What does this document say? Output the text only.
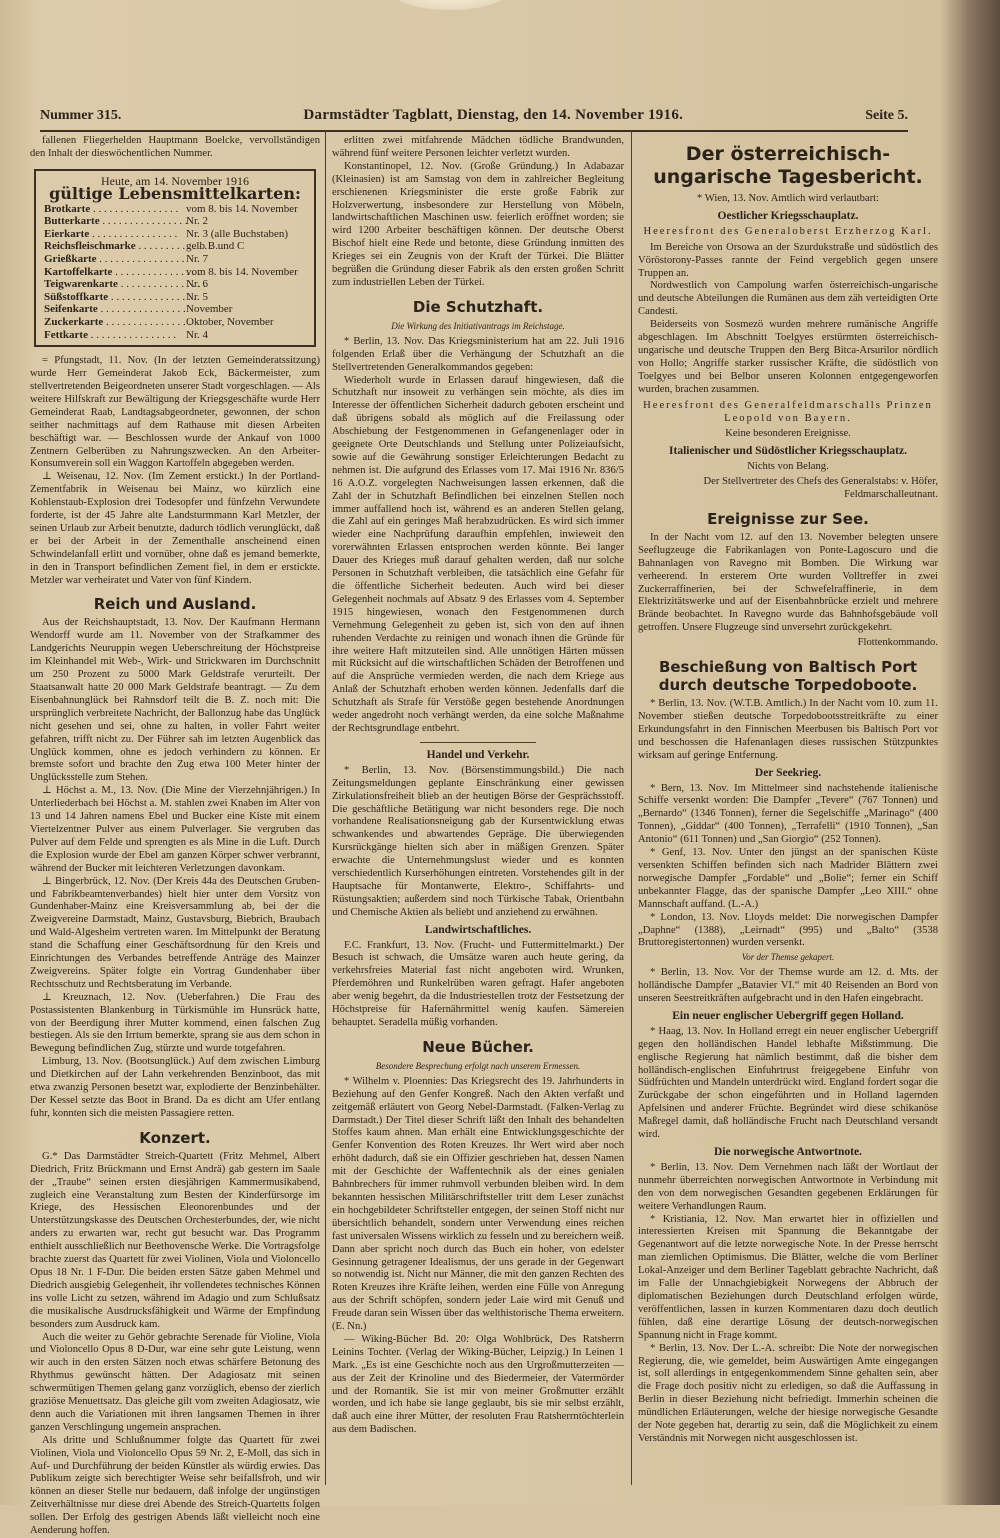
Nummer 315.	Darmstädter Tagblatt, Dienstag, den 14. November 1916.	Seite 5.

fallenen Fliegerhelden Hauptmann Boelcke, vervollständigen den Inhalt der dieswöchentlichen Nummer.

Heute, am 14. November 1916
gültige Lebensmittelkarten:
Brotkarte . . .	vom 8. bis 14. November
Butterkarte . . .	Nr. 2
Eierkarte . . .	Nr. 3 (alle Buchstaben)
Reichsfleischmarke . . .	gelb B und C
Grießkarte . . .	Nr. 7
Kartoffelkarte . . .	vom 8. bis 14. November
Teigwarenkarte . . .	Nr. 6
Süßstoffkarte . . .	Nr. 5
Seifenkarte . . .	November
Zuckerkarte . . .	Oktober, November
Fettkarte . . .	Nr. 4

= Pfungstadt, 11. Nov. (In der letzten Gemeinderatssitzung) wurde Herr Gemeinderat Jakob Eck, Bäckermeister, zum stellvertretenden Beigeordneten unserer Stadt vorgeschlagen. — Als weitere Hilfskraft zur Bewältigung der Kriegsgeschäfte wurde Herr Gemeinderat Raab, Landtagsabgeordneter, gewonnen, der schon seither nachmittags auf dem Rathause mit diesen Arbeiten beschäftigt war. — Beschlossen wurde der Ankauf von 1000 Zentnern Gelberüben zu Nahrungszwecken. An den Arbeiter-Konsumverein soll ein Waggon Kartoffeln abgegeben werden.

⊥ Weisenau, 12. Nov. (Im Zement erstickt.) In der Portland-Zementfabrik in Weisenau bei Mainz, wo kürzlich eine Kohlenstaub-Explosion drei Todesopfer und fünfzehn Verwundete forderte, ist der 45 Jahre alte Landsturmmann Karl Metzler, der seinen Urlaub zur Arbeit benutzte, dadurch tödlich verunglückt, daß er bei der Arbeit in der Zementhalle anscheinend einen Schwindelanfall erlitt und vornüber, ohne daß es jemand bemerkte, in den in Transport befindlichen Zement fiel, in dem er erstickte. Metzler war verheiratet und Vater von fünf Kindern.

Reich und Ausland.

Aus der Reichshauptstadt, 13. Nov. Der Kaufmann Hermann Wendorff wurde am 11. November von der Strafkammer des Landgerichts Neuruppin wegen Ueberschreitung der Höchstpreise im Kleinhandel mit Web-, Wirk- und Strickwaren im Durchschnitt um 250 Prozent zu 5000 Mark Geldstrafe verurteilt. Der Staatsanwalt hatte 20 000 Mark Geldstrafe beantragt. — Zu dem Eisenbahnunglück bei Rahnsdorf teilt die B. Z. noch mit: Die ursprünglich verbreitete Nachricht, der Ballonzug habe das Unglück nicht gesehen und sei, ohne zu halten, in voller Fahrt weiter gefahren, trifft nicht zu. Der Führer sah im letzten Augenblick das Unglück kommen, ohne es jedoch verhindern zu können. Er bremste sofort und brachte den Zug etwa 100 Meter hinter der Unglücksstelle zum Stehen.

⊥ Höchst a. M., 13. Nov. (Die Mine der Vierzehnjährigen.) In Unterliederbach bei Höchst a. M. stahlen zwei Knaben im Alter von 13 und 14 Jahren namens Ebel und Bucker eine Kiste mit einem Viertelzentner Pulver aus einem Pulverlager. Sie vergruben das Pulver auf dem Felde und sprengten es als Mine in die Luft. Durch die Explosion wurde der Ebel am ganzen Körper schwer verbrannt, während der Bucker mit leichteren Verletzungen davonkam.

⊥ Bingerbrück, 12. Nov. (Der Kreis 44a des Deutschen Gruben- und Fabrikbeamtenverbandes) hielt hier unter dem Vorsitz von Gundenhaber-Mainz eine Kreisversammlung ab, bei der die Zweigvereine Darmstadt, Mainz, Gustavsburg, Biebrich, Braubach und Wald-Algesheim vertreten waren. Im Mittelpunkt der Beratung stand die Schaffung einer Geschäftsordnung für den Kreis und Einrichtungen des Verbandes betreffende Anträge des Mainzer Zweigvereins. Später folgte ein Vortrag Gundenhaber über Rechtsschutz und Rechtsberatung im Verbande.

⊥ Kreuznach, 12. Nov. (Ueberfahren.) Die Frau des Postassistenten Blankenburg in Türkismühle im Hunsrück hatte, von der Beerdigung ihrer Mutter kommend, einen falschen Zug bestiegen. Als sie den Irrtum bemerkte, sprang sie aus dem schon in Bewegung befindlichen Zug, stürzte und wurde totgefahren.

Limburg, 13. Nov. (Bootsunglück.) Auf dem zwischen Limburg und Dietkirchen auf der Lahn verkehrenden Benzinboot, das mit etwa zwanzig Personen besetzt war, explodierte der Benzinbehälter. Der Kessel setzte das Boot in Brand. Da es dicht am Ufer entlang fuhr, konnten sich die meisten Passagiere retten.

Konzert.

G.* Das Darmstädter Streich-Quartett (Fritz Mehmel, Albert Diedrich, Fritz Brückmann und Ernst Andrä) gab gestern im Saale der „Traube“ seinen ersten diesjährigen Kammermusikabend, zugleich eine Veranstaltung zum Besten der Kinderfürsorge im Kriege, des Hessischen Eleonorenbundes und der Unterstützungskasse des Deutschen Orchesterbundes, der, wie nicht anders zu erwarten war, recht gut besucht war. Das Programm enthielt ausschließlich nur Beethovensche Werke. Die Vortragsfolge brachte zuerst das Quartett für zwei Violinen, Viola und Violoncello Opus 18 Nr. 1 F-Dur. Die beiden ersten Sätze gaben Mehmel und Diedrich ausgiebig Gelegenheit, ihr vollendetes technisches Können ins volle Licht zu setzen, während im Adagio und zum Schlußsatz die musikalische Ausdrucksfähigkeit und Wärme der Empfindung besonders zum Ausdruck kam.

Auch die weiter zu Gehör gebrachte Serenade für Violine, Viola und Violoncello Opus 8 D-Dur, war eine sehr gute Leistung, wenn wir auch in den ersten Sätzen noch etwas schärfere Betonung des Rhythmus gewünscht hätten. Der Adagiosatz mit seinen schwermütigen Themen gelang ganz vorzüglich, ebenso der zierlich graziöse Menuettsatz. Das gleiche gilt vom zweiten Adagiosatz, wie denn auch die Variationen mit ihren langsamen Themen in ihrer ganzen Verschlingung ungemein ansprachen.

Als dritte und Schlußnummer folgte das Quartett für zwei Violinen, Viola und Violoncello Opus 59 Nr. 2, E-Moll, das sich in Auf- und Durchführung der beiden Künstler als würdig erwies. Das Publikum zeigte sich berechtigter Weise sehr beifallsfroh, und wir können an dieser Stelle nur bedauern, daß infolge der ungünstigen Zeitverhältnisse nur diese drei Abende des Streich-Quartetts folgen sollen. Der Erfolg des gestrigen Abends läßt vielleicht noch eine Aenderung hoffen.

erlitten zwei mitfahrende Mädchen tödliche Brandwunden, während fünf weitere Personen leichter verletzt wurden.

Konstantinopel, 12. Nov. (Große Gründung.) In Adabazar (Kleinasien) ist am Samstag von dem in zahlreicher Begleitung erschienenen Kriegsminister die erste große Fabrik zur Holzverwertung, insbesondere zur Herstellung von Möbeln, landwirtschaftlichen Maschinen usw. feierlich eröffnet worden; sie wird 1200 Arbeiter beschäftigen können. Der deutsche Oberst Bischof hielt eine Rede und betonte, diese Gründung inmitten des Krieges sei ein Zeugnis von der Kraft der Türkei. Die Blätter begrüßen die Gründung dieser Fabrik als den ersten großen Schritt zum industriellen Leben der Türkei.

Die Schutzhaft.
Die Wirkung des Initiativantrags im Reichstage.

* Berlin, 13. Nov. Das Kriegsministerium hat am 22. Juli 1916 folgenden Erlaß über die Verhängung der Schutzhaft an die Stellvertretenden Generalkommandos gegeben:

Wiederholt wurde in Erlassen darauf hingewiesen, daß die Schutzhaft nur insoweit zu verhängen sein möchte, als dies im Interesse der öffentlichen Sicherheit dadurch geboten erscheint und daß übrigens sobald als möglich auf die Freilassung oder Abschiebung der Festgenommenen in Gefangenenlager oder in geeignete Orte Deutschlands und Stellung unter Polizeiaufsicht, sowie auf die Gewährung sonstiger Erleichterungen Bedacht zu nehmen ist. Die aufgrund des Erlasses vom 17. Mai 1916 Nr. 836/5 16 A.O.Z. vorgelegten Nachweisungen lassen erkennen, daß die Zahl der in Schutzhaft Befindlichen bei einzelnen Stellen noch immer auffallend hoch ist, während es an anderen Stellen gelang, die Zahl auf ein geringes Maß herabzudrücken. Es wird sich immer wieder eine Nachprüfung daraufhin empfehlen, inwieweit den vorerwähnten Erlassen entsprochen werden könnte. Bei langer Dauer des Krieges muß darauf gehalten werden, daß nur solche Personen in Schutzhaft verbleiben, die tatsächlich eine Gefahr für die öffentliche Sicherheit bedeuten. Auch wird bei dieser Gelegenheit nochmals auf Absatz 9 des Erlasses vom 4. September 1915 hingewiesen, wonach den Festgenommenen durch Vernehmung Gelegenheit zu geben ist, sich von den auf ihnen ruhenden Verdachte zu reinigen und wonach ihnen die Gründe für ihre weitere Haft mitzuteilen sind. Alle unnötigen Härten müssen mit Rücksicht auf die wirtschaftlichen Schäden der Betroffenen und auf die Ansprüche vermieden werden, die nach dem Kriege aus Anlaß der Schutzhaft erhoben werden können. Jedenfalls darf die Schutzhaft als Strafe für Verstöße gegen bestehende Anordnungen weder angedroht noch verhängt werden, da eine solche Maßnahme der Rechtsgrundlage entbehrt.

Handel und Verkehr.

* Berlin, 13. Nov. (Börsenstimmungsbild.) Die nach Zeitungsmeldungen geplante Einschränkung einer gewissen Zirkulationsfreiheit blieb an der heutigen Börse der Gesprächsstoff. Die geschäftliche Betätigung war nicht besonders rege. Die noch vorhandene Realisationsneigung gab der Kursentwicklung etwas schwankendes und abwartendes Gepräge. Die überwiegenden Kursrückgänge hielten sich aber in mäßigen Grenzen. Später erwachte die Unternehmungslust wieder und es konnten verschiedentlich Kurserhöhungen eintreten. Vorstehendes gilt in der Hauptsache für Montanwerte, Elektro-, Schiffahrts- und Rüstungsaktien; außerdem sind noch Türkische Tabak, Orientbahn und Chemische Aktien als beliebt und anziehend zu erwähnen.

Landwirtschaftliches.

F.C. Frankfurt, 13. Nov. (Frucht- und Futtermittelmarkt.) Der Besuch ist schwach, die Umsätze waren auch heute gering, da verkehrsfreies Material fast nicht angeboten wird. Wrunken, Pferdemöhren und Runkelrüben waren gefragt. Hafer angeboten aber wenig begehrt, da die Industriestellen trotz der Festsetzung der Höchstpreise für Hafernährmittel wenig kaufen. Sämereien behauptet. Seradella müßig vorhanden.

Neue Bücher.
Besondere Besprechung erfolgt nach unserem Ermessen.

* Wilhelm v. Ploennies: Das Kriegsrecht des 19. Jahrhunderts in Beziehung auf den Genfer Kongreß. Nach den Akten verfaßt und zeitgemäß erläutert von Georg Nebel-Darmstadt. (Falken-Verlag zu Darmstadt.) Der Titel dieser Schrift läßt den Inhalt des behandelten Stoffes kaum ahnen. Man erhält eine Entwicklungsgeschichte der Genfer Konvention des Roten Kreuzes. Ihr Wert wird aber noch erhöht dadurch, daß sie ein Offizier geschrieben hat, dessen Namen mit der Geschichte der Waffentechnik als der eines genialen Bahnbrechers für immer ruhmvoll verbunden bleiben wird. In dem bekannten hessischen Militärschriftsteller tritt dem Leser zunächst ein hochgebildeter Schriftsteller entgegen, der seinen Stoff nicht nur übersichtlich behandelt, sondern unter Verwendung eines reichen fast universalen Wissens wirklich zu fesseln und zu bereichern weiß. Dann aber spricht noch durch das Buch ein hoher, von edelster Gesinnung getragener Idealismus, der uns gerade in der Gegenwart so notwendig ist. Nicht nur Männer, die mit den ganzen Rechten des Roten Kreuzes ihre Kräfte leihen, werden eine Fülle von Anregung aus der Schrift schöpfen, sondern jeder Laie wird mit Genuß und Freude daran sein Wissen über das welthistorische Thema erweitern. (E. Nn.)

— Wiking-Bücher Bd. 20: Olga Wohlbrück, Des Ratsherrn Leinins Tochter. (Verlag der Wiking-Bücher, Leipzig.) In Leinen 1 Mark. „Es ist eine Geschichte noch aus den Urgroßmutterzeiten — aus der Zeit der Krinoline und des Biedermeier, der Vatermörder und der Romantik. Sie ist mir von meiner Großmutter erzählt worden, und ich habe sie lange geglaubt, bis sie mir selbst erzählt, daß auch eine ihrer Mütter, der resoluten Frau Ratsherrntöchterlein aus dem Badischen.

Der österreichisch-ungarische Tagesbericht.
* Wien, 13. Nov. Amtlich wird verlautbart:
Oestlicher Kriegsschauplatz.
Heeresfront des Generaloberst Erzherzog Karl.

Im Bereiche von Orsowa an der Szurdukstraße und südöstlich des Vöröstorony-Passes rannte der Feind vergeblich gegen unsere Truppen an.

Nordwestlich von Campolung warfen österreichisch-ungarische und deutsche Abteilungen die Rumänen aus dem zäh verteidigten Orte Candesti.

Beiderseits von Sosmezö wurden mehrere rumänische Angriffe abgeschlagen. Im Abschnitt Toelgyes erstürmten österreichisch-ungarische und deutsche Truppen den Berg Bitca-Arsurilor nördlich von Hollo; Angriffe starker russischer Kräfte, die südöstlich von Toelgyes und bei Belbor unseren Kolonnen entgegengeworfen wurden, brachen zusammen.

Heeresfront des Generalfeldmarschalls Prinzen Leopold von Bayern.
Keine besonderen Ereignisse.
Italienischer und Südöstlicher Kriegsschauplatz.
Nichts von Belang.
Der Stellvertreter des Chefs des Generalstabs: v. Höfer, Feldmarschalleutnant.
Ereignisse zur See.

In der Nacht vom 12. auf den 13. November belegten unsere Seeflugzeuge die Fabrikanlagen von Ponte-Lagoscuro und die Bahnanlagen von Ravegno mit Bomben. Die Wirkung war verheerend. In ersterem Orte wurden Volltreffer in zwei Zuckerraffinerien, bei der Schwefelraffinerie, in dem Elektrizitätswerke und auf der Eisenbahnbrücke erzielt und mehrere Brände beobachtet. In Ravegno wurde das Bahnhofsgebäude voll getroffen. Unsere Flugzeuge sind unversehrt zurückgekehrt.

Flottenkommando.
Beschießung von Baltisch Port durch deutsche Torpedoboote.

* Berlin, 13. Nov. (W.T.B. Amtlich.) In der Nacht vom 10. zum 11. November stießen deutsche Torpedobootsstreitkräfte zu einer Erkundungsfahrt in den Finnischen Meerbusen bis Baltisch Port vor und beschossen die Hafenanlagen dieses russischen Stützpunktes wirksam auf geringe Entfernung.

Der Seekrieg.

* Bern, 13. Nov. Im Mittelmeer sind nachstehende italienische Schiffe versenkt worden: Die Dampfer „Tevere“ (767 Tonnen) und „Bernardo“ (1346 Tonnen), ferner die Segelschiffe „Marinago“ (400 Tonnen), „Giddar“ (400 Tonnen), „Terrafelli“ (1910 Tonnen), „San Antonio“ (611 Tonnen) und „San Giorgio“ (252 Tonnen).

* Genf, 13. Nov. Unter den jüngst an der spanischen Küste versenkten Schiffen befinden sich nach Madrider Blättern zwei norwegische Dampfer „Fordable“ und „Bolie“; ferner ein Schiff unbekannter Flagge, das der spanische Dampfer „Leo XIII.“ ohne Mannschaft auffand. (L.-A.)

* London, 13. Nov. Lloyds meldet: Die norwegischen Dampfer „Daphne“ (1388), „Leirnadt“ (995) und „Balto“ (3538 Bruttoregistertonnen) wurden versenkt.

Vor der Themse gekapert.

* Berlin, 13. Nov. Vor der Themse wurde am 12. d. Mts. der holländische Dampfer „Batavier VI.“ mit 40 Reisenden an Bord von unseren Seestreitkräften aufgebracht und in den Hafen eingebracht.

Ein neuer englischer Uebergriff gegen Holland.

* Haag, 13. Nov. In Holland erregt ein neuer englischer Uebergriff gegen den holländischen Handel lebhafte Mißstimmung. Die englische Regierung hat nämlich bestimmt, daß die bisher dem holländisch-englischen Einfuhrtrust freigegebene Einfuhr von Südfrüchten und Mandeln unterdrückt wird. England fordert sogar die Zurückgabe der schon eingeführten und in Holland lagernden Apfelsinen und anderer Früchte. Begründet wird diese schikanöse Maßregel damit, daß holländische Frucht nach Deutschland versandt wird.

Die norwegische Antwortnote.

* Berlin, 13. Nov. Dem Vernehmen nach läßt der Wortlaut der nunmehr überreichten norwegischen Antwortnote in Verbindung mit den von dem norwegischen Gesandten gegebenen Erklärungen für weitere Verhandlungen Raum.

* Kristiania, 12. Nov. Man erwartet hier in offiziellen und interessierten Kreisen mit Spannung die Bekanntgabe der Gegenantwort auf die letzte norwegische Note. In der Presse herrscht man ziemlichen Optimismus. Die Blätter, welche die vom Berliner Lokal-Anzeiger und dem Berliner Tageblatt gebrachte Nachricht, daß im Falle der Unnachgiebigkeit Norwegens der Abbruch der diplomatischen Beziehungen durch Deutschland erfolgen würde, veröffentlichen, lassen in kurzen Kommentaren dazu doch deutlich fühlen, daß eine derartige Lösung der deutsch-norwegischen Spannung nicht in Frage kommt.

* Berlin, 13. Nov. Der L.-A. schreibt: Die Note der norwegischen Regierung, die, wie gemeldet, beim Auswärtigen Amte eingegangen ist, soll allerdings in entgegenkommendem Sinne gehalten sein, aber die Frage doch positiv nicht zu erledigen, so daß die Auffassung in Berlin in dieser Beziehung nicht befriedigt. Immerhin scheinen die mündlichen Erläuterungen, welche der hiesige norwegische Gesandte der Note gegeben hat, derartig zu sein, daß die Möglichkeit zu einem Verständnis mit Norwegen nicht ausgeschlossen ist.
